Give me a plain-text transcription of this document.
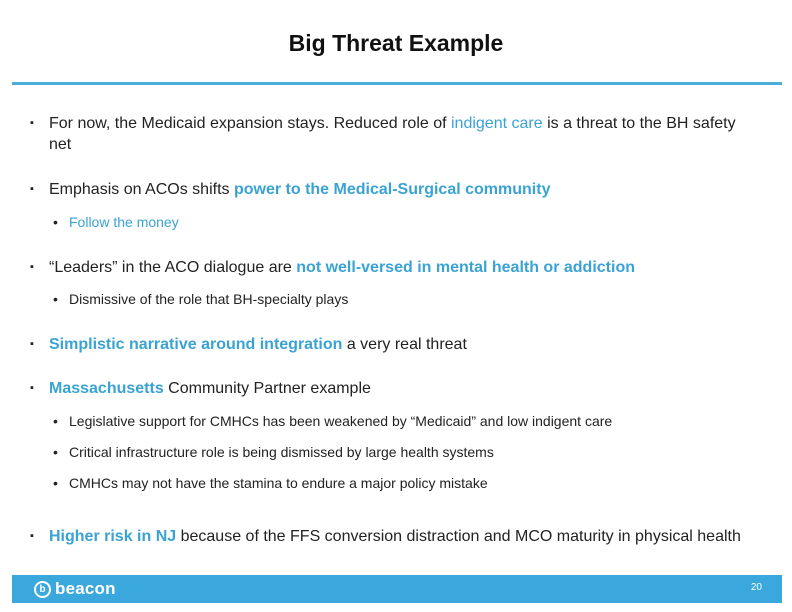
Big Threat Example
▪ For now, the Medicaid expansion stays. Reduced role of indigent care is a threat to the BH safety net
▪ Emphasis on ACOs shifts power to the Medical-Surgical community
• Follow the money
▪ “Leaders” in the ACO dialogue are not well-versed in mental health or addiction
• Dismissive of the role that BH-specialty plays
▪ Simplistic narrative around integration a very real threat
▪ Massachusetts Community Partner example
• Legislative support for CMHCs has been weakened by “Medicaid” and low indigent care
• Critical infrastructure role is being dismissed by large health systems
• CMHCs may not have the stamina to endure a major policy mistake
▪ Higher risk in NJ because of the FFS conversion distraction and MCO maturity in physical health
b beacon	20
